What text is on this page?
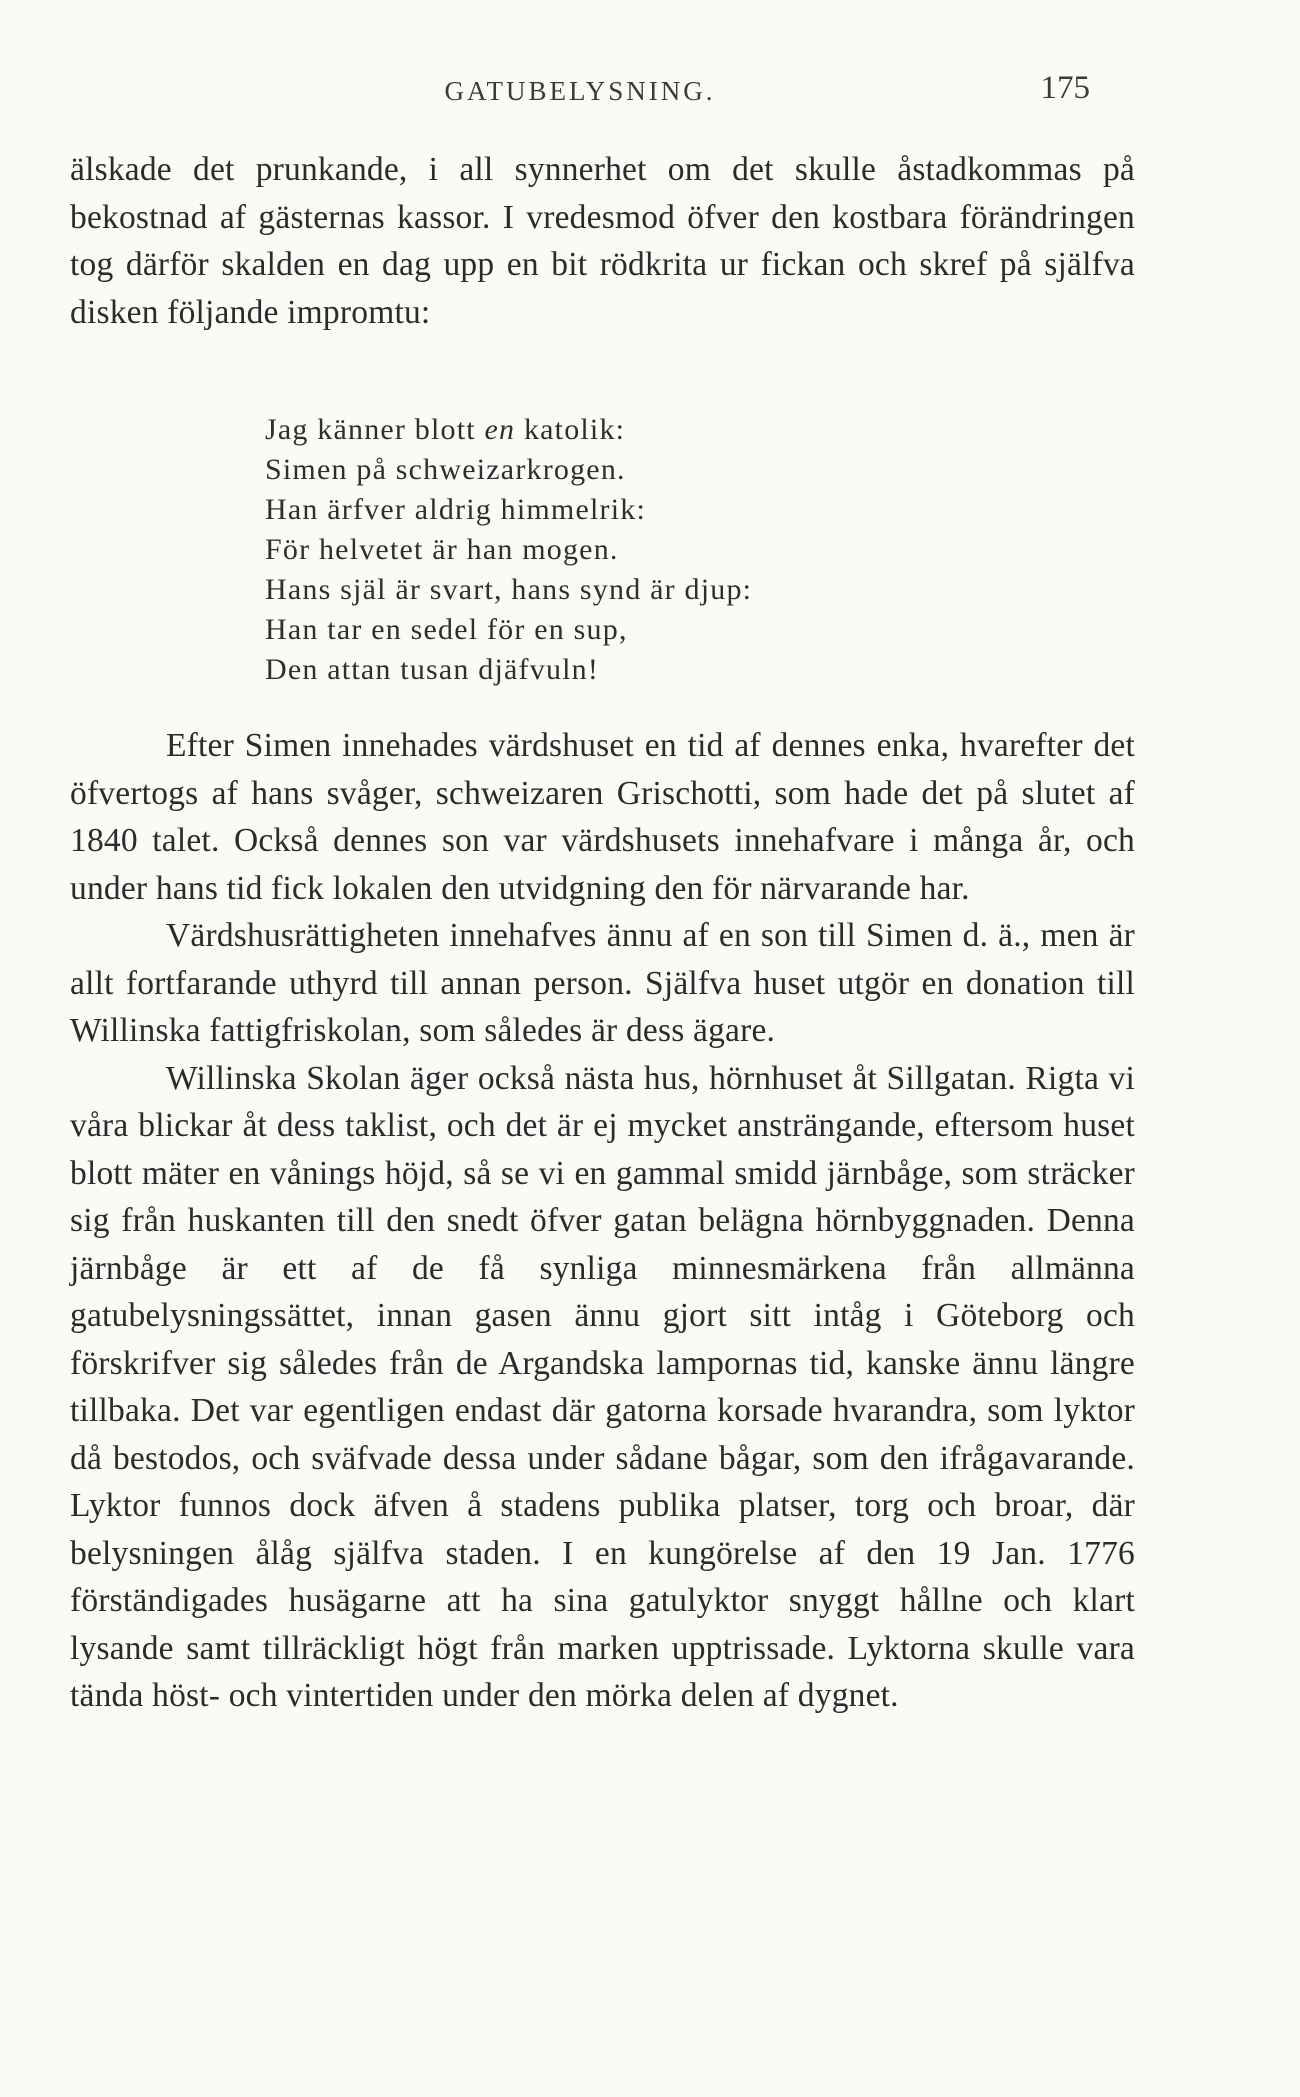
GATUBELYSNING.	175

älskade det prunkande, i all synnerhet om det skulle åstadkommas på bekostnad af gästernas kassor. I vredesmod öfver den kostbara förändringen tog därför skalden en dag upp en bit rödkrita ur fickan och skref på själfva disken följande impromtu:

Jag känner blott en katolik:
Simen på schweizarkrogen.
Han ärfver aldrig himmelrik:
För helvetet är han mogen.
Hans själ är svart, hans synd är djup:
Han tar en sedel för en sup,
Den attan tusan djäfvuln!

Efter Simen innehades värdshuset en tid af dennes enka, hvarefter det öfvertogs af hans svåger, schweizaren Grischotti, som hade det på slutet af 1840 talet. Också dennes son var värdshusets innehafvare i många år, och under hans tid fick lokalen den utvidgning den för närvarande har.

Värdshusrättigheten innehafves ännu af en son till Simen d. ä., men är allt fortfarande uthyrd till annan person. Själfva huset utgör en donation till Willinska fattigfriskolan, som således är dess ägare.

Willinska Skolan äger också nästa hus, hörnhuset åt Sillgatan. Rigta vi våra blickar åt dess taklist, och det är ej mycket ansträngande, eftersom huset blott mäter en vånings höjd, så se vi en gammal smidd järnbåge, som sträcker sig från huskanten till den snedt öfver gatan belägna hörnbyggnaden. Denna järnbåge är ett af de få synliga minnesmärkena från allmänna gatubelysningssättet, innan gasen ännu gjort sitt intåg i Göteborg och förskrifver sig således från de Argandska lampornas tid, kanske ännu längre tillbaka. Det var egentligen endast där gatorna korsade hvarandra, som lyktor då bestodos, och sväfvade dessa under sådane bågar, som den ifrågavarande. Lyktor funnos dock äfven å stadens publika platser, torg och broar, där belysningen ålåg själfva staden. I en kungörelse af den 19 Jan. 1776 förständigades husägarne att ha sina gatulyktor snyggt hållne och klart lysande samt tillräckligt högt från marken upptrissade. Lyktorna skulle vara tända höst- och vintertiden under den mörka delen af dygnet.
